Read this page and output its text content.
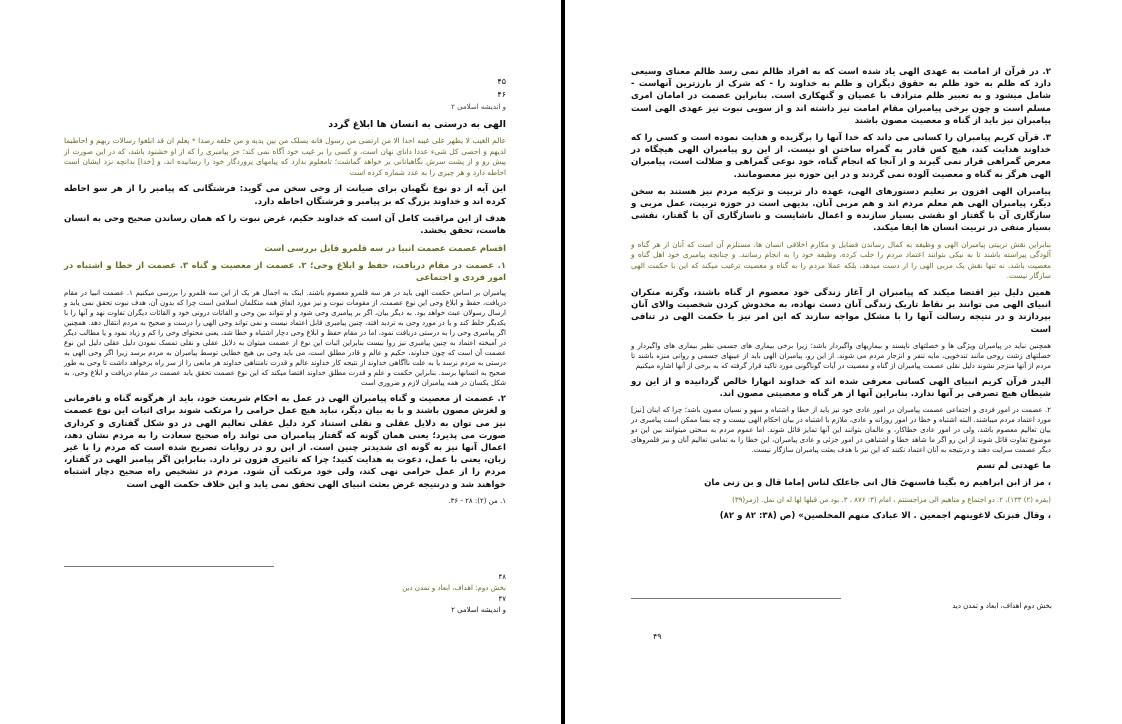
۴۵
۴۶
و اندیشه اسلامی ۲
الهی به درستی به انسان ها ابلاغ گردد

عالم الغیب لا یظهر علی غیبه احدا الا من ارتضی من رسول فانه یسلک من بین یدیه و من خلفه رصدا * یعلم ان قد ابلغوا رسالات ربهم و احاطبما لدیهم و احصی کل شیء عددا دانای نهان است، و کسی را بر غیب خود آگاه نمی کند؛ جز پیامبری را که از او خشنود باشد، که در این صورت از پیش رو و از پشت سرش نگاهبانانی بر خواهد گماشت؛ تامعلوم بدارد که پیامهای پروردگار خود را رسانیده اند، و [خدا] بدانچه نزد ایشان است احاطه دارد و هر چیزی را به عدد شماره کرده است

این آیه از دو نوع نگهبان برای صیانت از وحی سخن می گوید: فرشتگانی که پیامبر را از هر سو احاطه کرده اند و خداوند بزرگ که بر پیامبر و فرشتگان احاطه دارد.

هدف از این مراقبت کامل آن است که خداوند حکیم، غرض نبوت را که همان رساندن صحیح وحی به انسان هاست، تحقق بخشد.

اقسام عصمت عصمت انبیا در سه قلمرو قابل بررسی است

۱. عصمت در مقام دریافت، حفظ و ابلاغ وحی؛ ۲. عصمت از معصیت و گناه ۳. عصمت از خطا و اشتباه در امور فردی و اجتماعی

پیامبران بر اساس حکمت الهی باید در هر سه قلمرو معصوم باشند. اینک به اجمال هر یک از این سه قلمرو را بررسی میکنیم ۱. عصمت انبیا در مقام دریافت، حفظ و ابلاغ وحی این نوع عصمت، از مقومات نبوت و نیز مورد اتفاق همه متکلمان اسلامی است چرا که بدون آن، هدف نبوت تحقق نمی یابد و ارسال رسولان عبث خواهد بود. به دیگر بیان، اگر بر پیامبری وحی شود و او نتواند بین وحی و القائات درونی خود و القائات دیگران تفاوت نهد و آنها را با یکدیگر خلط کند و یا در مورد وحی به تردید افتد، چنین پیامبری قابل اعتماد نیست و نمی تواند وحی الهی را درست و صحیح به مردم انتقال دهد. همچنین اگر پیامبری وحی را به درستی دریافت نمود، اما در مقام حفظ و ابلاغ وحی دچار اشتباه و خطا شد، یعنی محتوای وحی را کم و زیاد نمود و یا مطالب دیگر در آمیخته اعتماد به چنین پیامبری نیز روا نیست بنابراین اثبات این نوع از عصمت میتوان به دلایل عقلی و نقلی تمسک نمودن دلیل عقلی دلیل این نوع عصمت آن است که چون خداوند، حکیم و عالم و قادر مطلق است، می باید وحی بی هیچ خطایی توسط پیامبران به مردم برسد زیرا اگر وحی الهی به درستی به مردم نرسد یا به علت ناآگاهی خداوند از نتیجه کار خداوند عالم و قدرت نامتناهی خداوند هر مانعی را از سر راه برخواهد داشت تا وحی به طور صحیح به انسانها برسد. بنابراین حکمت و علم و قدرت مطلق خداوند اقتضا میکند که این نوع عصمت تحقق یابد عصمت در مقام دریافت و ابلاغ وحی، به شکل یکسان در همه پیامبران لازم و ضروری است

۲. عصمت از معصیت و گناه پیامبران الهی در عمل به احکام شریعت خود، باید از هرگونه گناه و نافرمانی و لغزش مصون باشند و با به بیان دیگر، نباید هیچ عمل حرامی را مرتکب شوند برای اثبات این نوع عصمت نیز می توان به دلایل عقلی و نقلی استناد کرد دلیل عقلی تعالیم الهی در دو شکل گفتاری و کرداری صورت می پذیرد؛ یعنی همان گونه که گفتار پیامبران می تواند راه صحیح سعادت را به مردم نشان دهد، اعمال آنها نیز به گونه ای شدیدتر چنین است. از این رو در روایات تصریح شده است که مردم را با غیر زبان، یعنی با عمل، دعوت به هدایت کنید؛ چرا که تاثیری فزون تر دارد. بنابراین اگر پیامبر الهی در گفتار، مردم را از عمل حرامی نهی کند، ولی خود مرتکب آن شود. مردم در تشخیص راه صحیح دچار اشتباه خواهند شد و درنتیجه غرض بعثت انبیای الهی تحقق نمی یابد و این خلاف حکمت الهی است

۱. من (۲): ۲۸ - ۳۶.

۴۸
بخش دوم: اهداف، ابعاد و تمدن دین
۴۷
و اندیشه اسلامی ۲

۲. در قرآن از امامت به عهدی الهی یاد شده است که به افراد ظالم نمی رسد ظالم معنای وسیعی دارد که ظلم به خود ظلم به حقوق دیگران و ظلم به خداوند را - که شرک از بارزترین آنهاست - شامل میشود و به تعبیر ظلم مترادف با عصیان و گنهکاری است. بنابراین عصمت در امامان امری مسلم است و چون برخی پیامبران مقام امامت نیز داشته اند و از سویی نبوت نیز عهدی الهی است پیامبران نیز باید از گناه و معصیت مصون باشند

۳. قرآن کریم پیامبران را کسانی می داند که خدا آنها را برگزیده و هدایت نموده است و کسی را که خداوند هدایت کند، هیچ کس قادر به گمراه ساختن او نیست. از این رو پیامبران الهی هیچگاه در معرض گمراهی قرار نمی گیرند و از آنجا که انجام گناه، خود نوعی گمراهی و ضلالت است، پیامبران الهی هرگز به گناه و معصیت آلوده نمی گردند و در این حوزه نیز معصومانند.

پیامبران الهی افزون بر تعلیم دستورهای الهی، عهده دار تربیت و تزکیه مردم نیز هستند به سخن دیگر، پیامبران الهی هم معلم مردم اند و هم مربی آنان. بدیهی است در حوزه تربیت، عمل مربی و سازگاری آن با گفتار او نقشی بسیار سازنده و اعمال ناشایست و ناسازگاری آن با گفتار، نقشی بسیار منفی در تربیت انسان ها ایفا میکند.

بنابراین نقش تربیتی پیامبران الهی و وظیفه به کمال رساندن فضایل و مکارم اخلاقی انسان ها، مستلزم آن است که آنان از هر گناه و آلودگی پیراسته باشند تا به نیکی بتوانند اعتماد مردم را جلب کرده، وظیفه خود را به انجام رسانند. و چنانچه پیامبری خود اهل گناه و معصیت باشد، نه تنها نقش یک مربی الهی را از دست میدهد، بلکه عملا مردم را به گناه و معصیت ترغیب میکند که این با حکمت الهی سازگار نیست.

همین دلیل نیز اقتضا میکند که پیامبران از آغاز زندگی خود معصوم از گناه باشند، وگرنه منکران انبیای الهی می توانند بر نقاط تاریک زندگی آنان دست نهاده، به مخدوش کردن شخصیت والای آنان بپردازند و در نتیجه رسالت آنها را با مشکل مواجه سازند که این امر نیز با حکمت الهی در تنافی است

همچنین نباید در پیامبران ویژگی ها و خصلتهای ناپسند و بیماریهای واگیردار باشد؛ زیرا برخی بیماری های جسمی نظیر بیماری های واگیردار و خصلتهای زشت روحی مانند تندخویی، مایه تنفر و انزجار مردم می شوند. از این رو، پیامبران الهی باید از عیبهای جسمی و روانی منزه باشند تا مردم از آنها منزجر نشوند دلیل نقلی عصمت پیامبران از گناه و معصیت در آیات گوناگونی مورد تاکید قرار گرفته که به برخی از آنها اشاره میکنیم

الیدر قرآن کریم انبیای الهی کسانی معرفی شده اند که خداوند انهارا خالص گردانیده و از این رو شیطان هیچ تصرفی بر آنها ندارد. بنابراین آنها از هر گناه و معصیتی مصون اند.

۲. عصمت در امور فردی و اجتماعی عصمت پیامبران در امور عادی خود نیز باید از خطا و اشتباه و سهو و نسیان مصون باشد؛ چرا که اینان [نیز] مورد اعتماد مردم میباشند. البته اشتباه و خطا در امور روزانه و عادی، ملازم با اشتباه در بیان احکام الهی نیست و چه بسا ممکن است پیامبری در بیان تعالیم معصوم باشد، ولی در امور عادی خطاکار، و عالمان بتوانند این آنها تمایز قائل شوند. اما عموم مردم به سختی میتوانند بین این دو موضوع تفاوت قائل شوند از این رو اگر ما شاهد خطا و اشتباهی در امور جزئی و عادی پیامبران، این خطا را به تمامی تعالیم آنان و نیز قلمروهای دیگر عصمت سرایت دهند و درنتیجه به آنان اعتماد نکنند که این نیز با هدف بعثت پیامبران سازگار نیست.

ما عهدتی لم تسم

، مز از ابن ابراهیم زه بگینا فاسنهیّ قال انی جاعلک لناس إماما قال و بن زنی مان

(بقره (۲) ۱۳۳)، ۲. دو اجتماع و متاهیم الی مزاجستتم ، امام (۳: ۸۷۶ ، ۳. بود من قبلها لها له ان نمل. (زمر(۳۹)

، وقال فبزتک لاغوینهم اجمعین . الا عبادک منهم المخلصین» (ص (۳۸: ۸۲ و ۸۲)

بخش دوم اهداف، ابعاد و تمدن دید
۴۹
